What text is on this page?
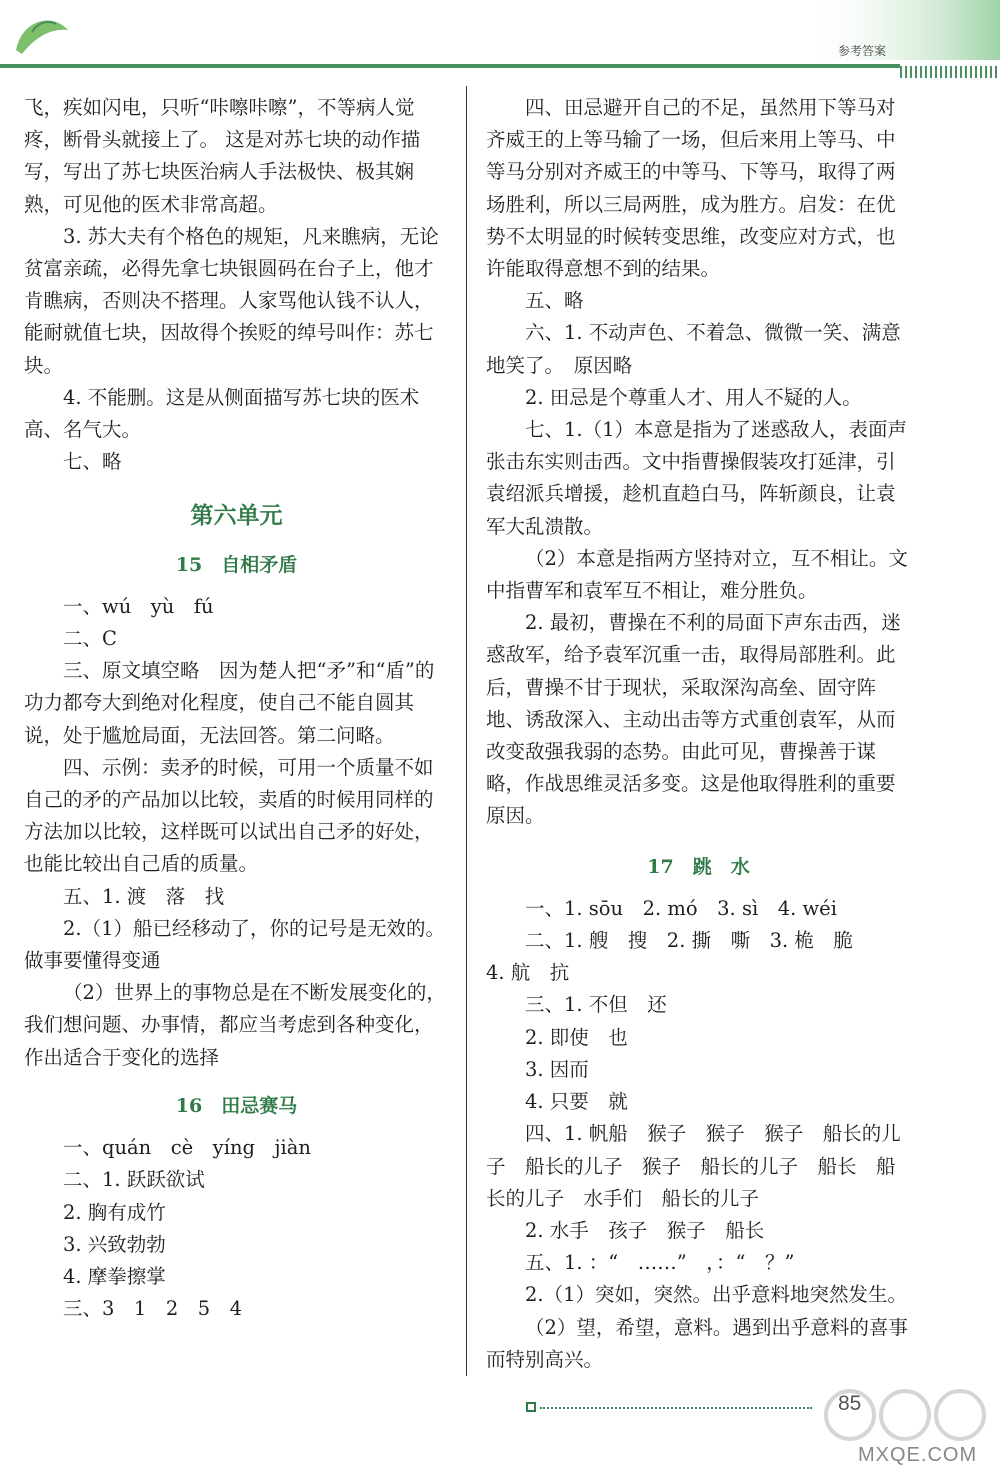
参考答案

飞，疾如闪电，只听“咔嚓咔嚓”，不等病人觉疼，断骨头就接上了。 这是对苏七块的动作描写，写出了苏七块医治病人手法极快、极其娴熟，可见他的医术非常高超。

3. 苏大夫有个格色的规矩，凡来瞧病，无论贫富亲疏，必得先拿七块银圆码在台子上，他才肯瞧病，否则决不搭理。人家骂他认钱不认人，能耐就值七块，因故得个挨贬的绰号叫作：苏七块。

4. 不能删。这是从侧面描写苏七块的医术高、名气大。

七、略

第六单元
15　自相矛盾

一、wú　yù　fú

二、C

三、原文填空略　因为楚人把“矛”和“盾”的功力都夸大到绝对化程度，使自己不能自圆其说，处于尴尬局面，无法回答。第二问略。

四、示例：卖矛的时候，可用一个质量不如自己的矛的产品加以比较，卖盾的时候用同样的方法加以比较，这样既可以试出自己矛的好处，也能比较出自己盾的质量。

五、1. 渡　落　找

2.（1）船已经移动了，你的记号是无效的。做事要懂得变通

（2）世界上的事物总是在不断发展变化的，我们想问题、办事情，都应当考虑到各种变化，作出适合于变化的选择

16　田忌赛马

一、quán　cè　yíng　jiàn

二、1. 跃跃欲试

2. 胸有成竹

3. 兴致勃勃

4. 摩拳擦掌

三、3　1　2　5　4

四、田忌避开自己的不足，虽然用下等马对齐威王的上等马输了一场，但后来用上等马、中等马分别对齐威王的中等马、下等马，取得了两场胜利，所以三局两胜，成为胜方。启发：在优势不太明显的时候转变思维，改变应对方式，也许能取得意想不到的结果。

五、略

六、1. 不动声色、不着急、微微一笑、满意地笑了。　原因略

2. 田忌是个尊重人才、用人不疑的人。

七、1.（1）本意是指为了迷惑敌人，表面声张击东实则击西。文中指曹操假装攻打延津，引袁绍派兵增援，趁机直趋白马，阵斩颜良，让袁军大乱溃散。

（2）本意是指两方坚持对立，互不相让。文中指曹军和袁军互不相让，难分胜负。

2. 最初，曹操在不利的局面下声东击西，迷惑敌军，给予袁军沉重一击，取得局部胜利。此后，曹操不甘于现状，采取深沟高垒、固守阵地、诱敌深入、主动出击等方式重创袁军，从而改变敌强我弱的态势。由此可见，曹操善于谋略，作战思维灵活多变。这是他取得胜利的重要原因。

17　跳　水

一、1. sōu　2. mó　3. sì　4. wéi

二、1. 艘　搜　2. 撕　嘶　3. 桅　脆

4. 航　抗

三、1. 不但　还

2. 即使　也

3. 因而

4. 只要　就

四、1. 帆船　猴子　猴子　猴子　船长的儿子　船长的儿子　猴子　船长的儿子　船长　船长的儿子　水手们　船长的儿子

2. 水手　孩子　猴子　船长

五、1. ：“　……”　，：“　？”

2.（1）突如，突然。出乎意料地突然发生。

（2）望，希望，意料。遇到出乎意料的喜事而特别高兴。

85
MXQE.COM
